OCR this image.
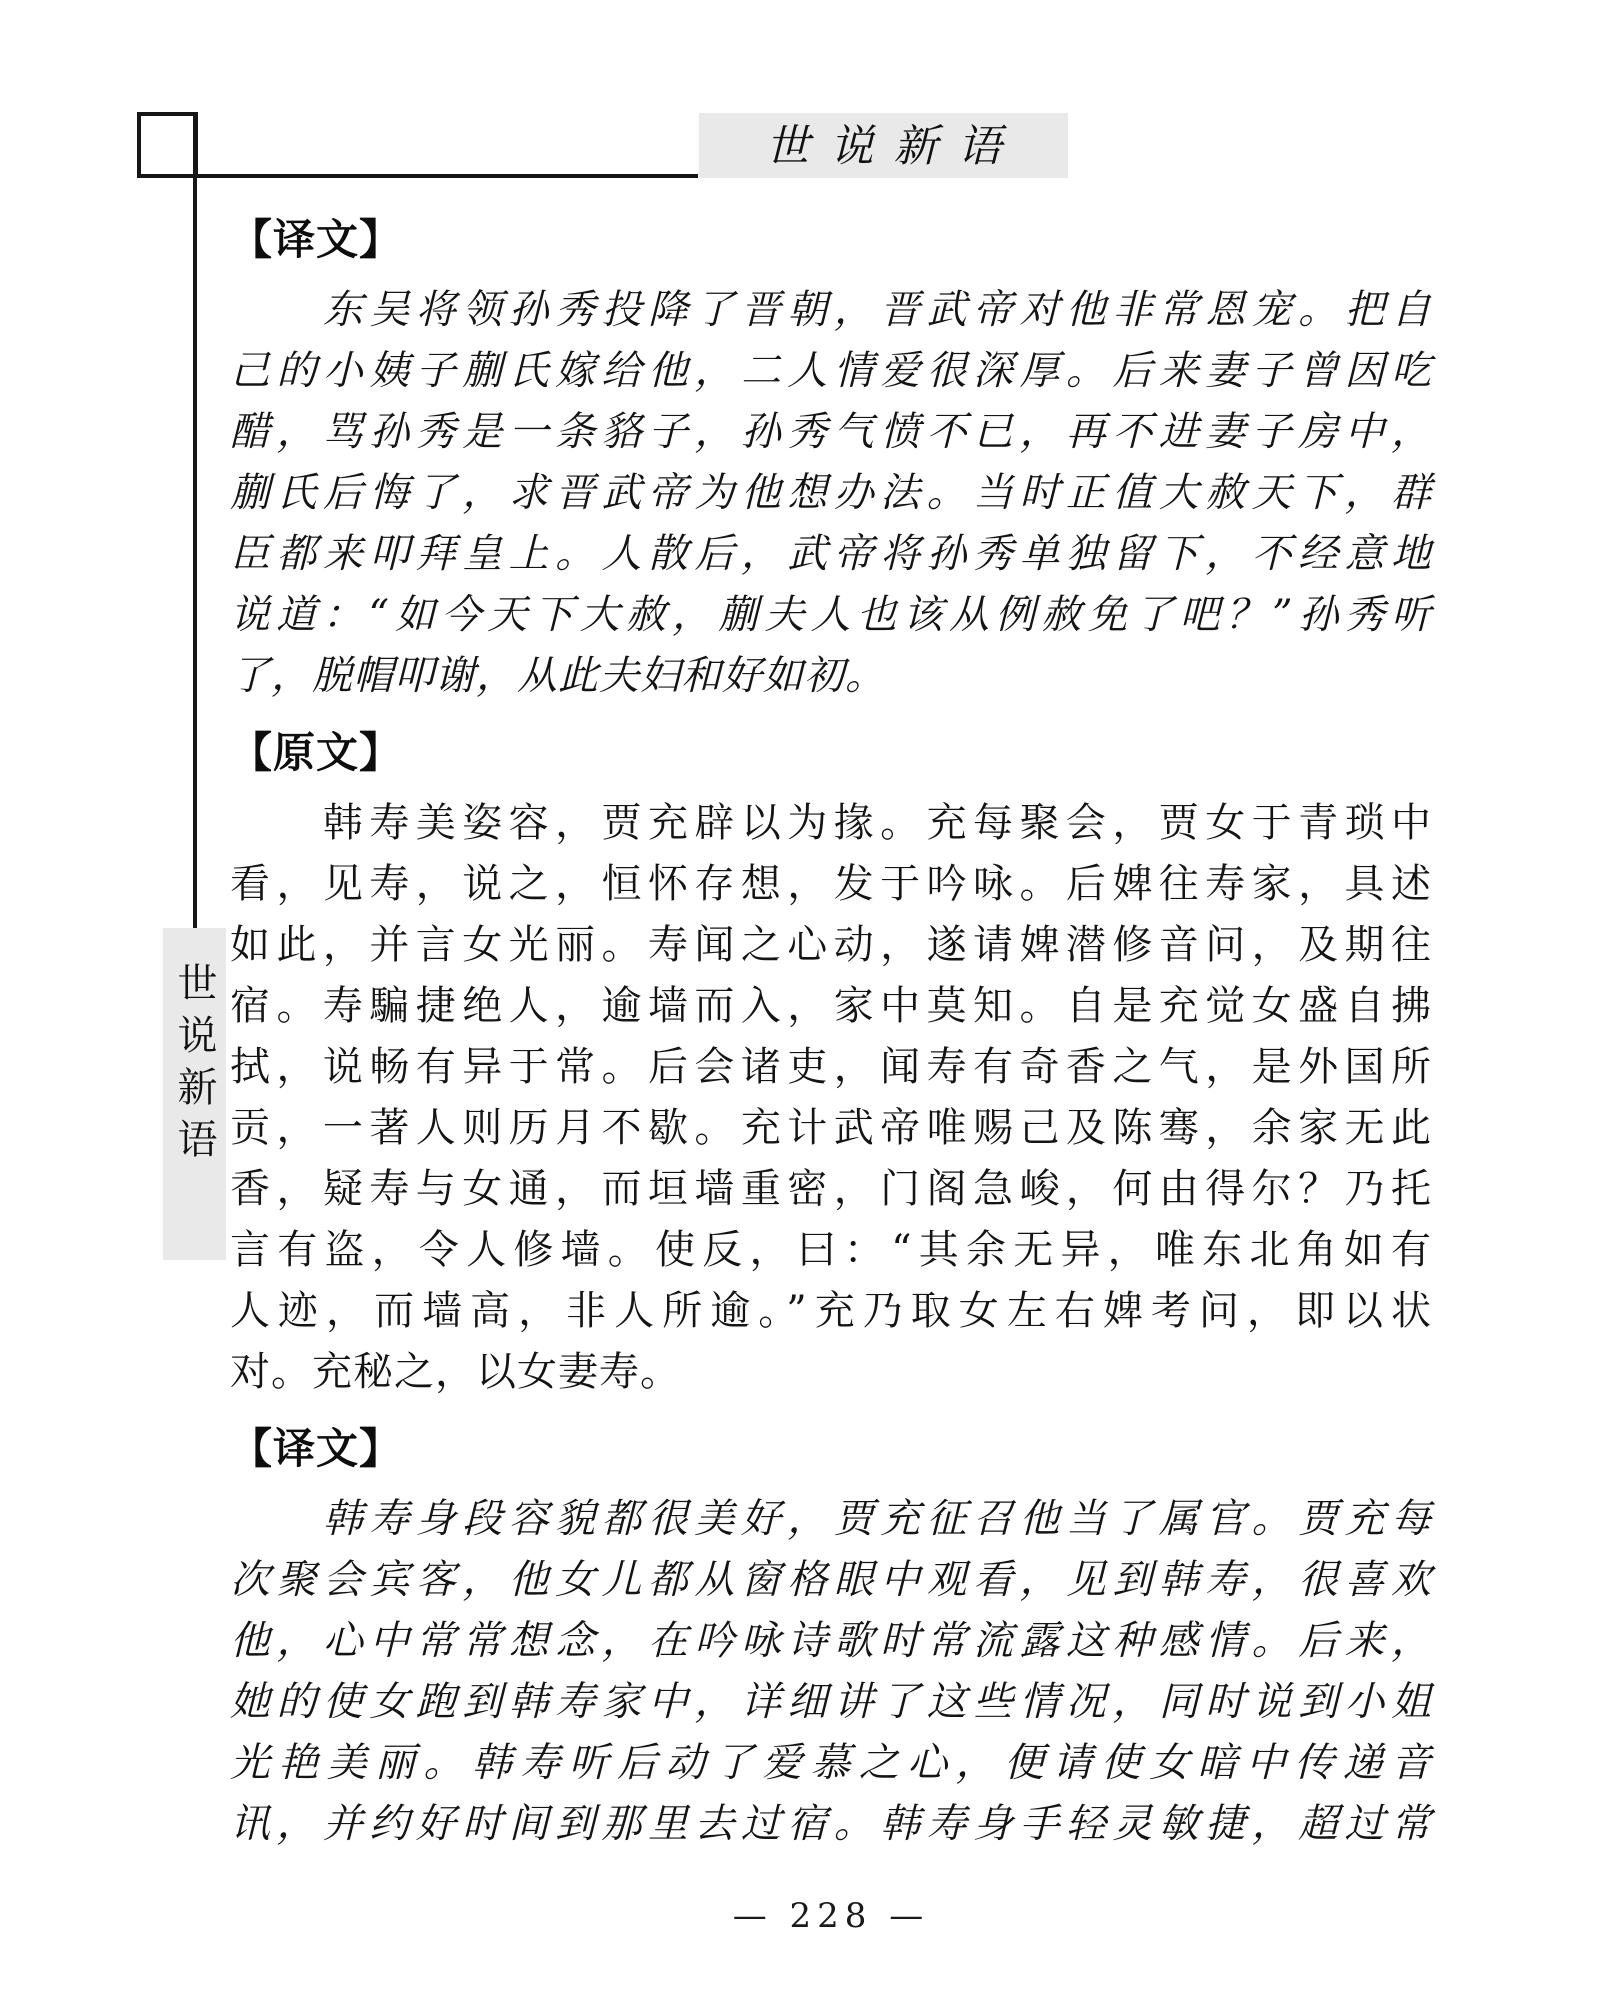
世说新语
世说新语
【译文】
　　东吴将领孙秀投降了晋朝，晋武帝对他非常恩宠。把自
己的小姨子蒯氏嫁给他，二人情爱很深厚。后来妻子曾因吃
醋，骂孙秀是一条貉子，孙秀气愤不已，再不进妻子房中，
蒯氏后悔了，求晋武帝为他想办法。当时正值大赦天下，群
臣都来叩拜皇上。人散后，武帝将孙秀单独留下，不经意地
说道：“如今天下大赦，蒯夫人也该从例赦免了吧？”孙秀听
了，脱帽叩谢，从此夫妇和好如初。
【原文】
　　韩寿美姿容，贾充辟以为掾。充每聚会，贾女于青琐中
看，见寿，说之，恒怀存想，发于吟咏。后婢往寿家，具述
如此，并言女光丽。寿闻之心动，遂请婢潜修音问，及期往
宿。寿騙捷绝人，逾墙而入，家中莫知。自是充觉女盛自拂
拭，说畅有异于常。后会诸吏，闻寿有奇香之气，是外国所
贡，一著人则历月不歇。充计武帝唯赐己及陈骞，余家无此
香，疑寿与女通，而垣墙重密，门阁急峻，何由得尔？乃托
言有盗，令人修墙。使反，曰：“其余无异，唯东北角如有
人迹，而墙高，非人所逾。”充乃取女左右婢考问，即以状
对。充秘之，以女妻寿。
【译文】
　　韩寿身段容貌都很美好，贾充征召他当了属官。贾充每
次聚会宾客，他女儿都从窗格眼中观看，见到韩寿，很喜欢
他，心中常常想念，在吟咏诗歌时常流露这种感情。后来，
她的使女跑到韩寿家中，详细讲了这些情况，同时说到小姐
光艳美丽。韩寿听后动了爱慕之心，便请使女暗中传递音
讯，并约好时间到那里去过宿。韩寿身手轻灵敏捷，超过常
— 228 —
